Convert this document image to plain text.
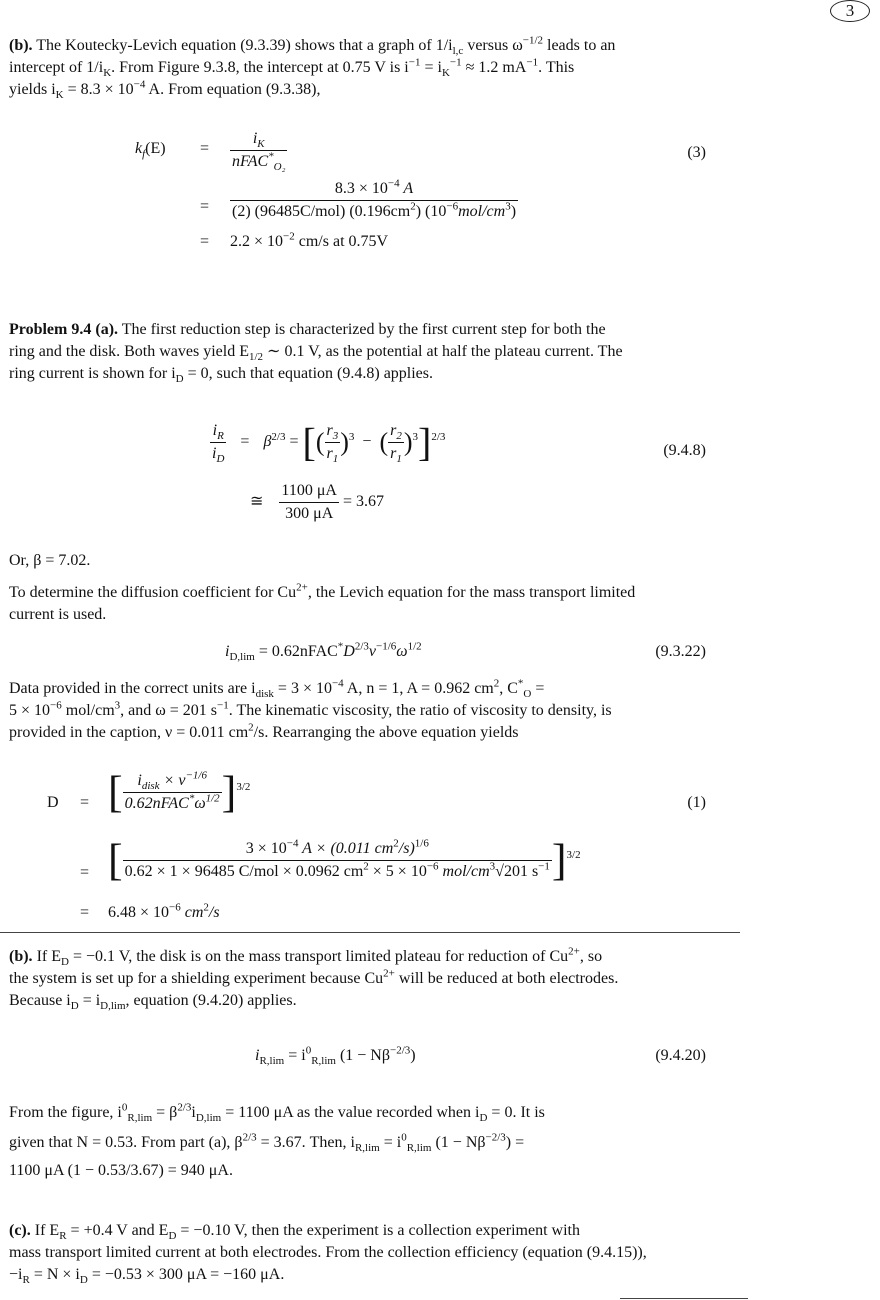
3
(b). The Koutecky-Levich equation (9.3.39) shows that a graph of $1/i_{l,c}$ versus $\omega^{-1/2}$ leads to an
intercept of $1/i_K$. From Figure 9.3.8, the intercept at 0.75 V is $i^{-1} = i_K^{-1} \approx 1.2$ $mA^{-1}$. This
yields $i_K = 8.3 \times 10^{-4}$ A. From equation (9.3.38),
$k_f(E) = \frac{i_K}{nFAC^*_{O_2}}$	(3)
= $\frac{8.3 \times 10^{-4} A}{(2) (96485C/mol) (0.196cm^2) (10^{-6}mol/cm^3)}$
= $2.2 \times 10^{-2}$ cm/s at 0.75V
Problem 9.4 (a). The first reduction step is characterized by the first current step for both the
ring and the disk. Both waves yield $E_{1/2}$ ∼ 0.1 V, as the potential at half the plateau current. The
ring current is shown for $i_D = 0$, such that equation (9.4.8) applies.
$\frac{i_R}{i_D} = \beta^{2/3}$ = [( $\frac{r_3}{r_1} )^3$ − ( $\frac{r_2}{r_1} )^3]^{2/3}$
(9.4.8)
≅ $\frac{1100 \mu A}{300 \mu A} = 3.67$
Or, β = 7.02.
To determine the diffusion coefficient for $Cu^{2+}$, the Levich equation for the mass transport limited
current is used.
$i_{D,lim}$ = $0.62nFAC^*D^{2/3}\nu^{-1/6}\omega^{1/2}$	(9.3.22)
Data provided in the correct units are $i_{disk} = 3 \times 10^{-4}$ A, n = 1, A = 0.962 $cm^2$, $C^*_O$ =
$5 \times 10^{-6}$ mol/$cm^3$, and ω = 201 $s^{-1}$. The kinematic viscosity, the ratio of viscosity to density, is
provided in the caption, ν = 0.011 $cm^2/s$. Rearranging the above equation yields
D = [ $\frac{i_{disk} \times \nu^{-1/6}}{0.62nFAC^*\omega^{1/2}} ]^{3/2}$
(1)
= [	$3 \times 10^{-4}$ A × (0.011 $cm^2/s)^{1/6}$
0.62 × 1 × 96485 C/mol × 0.0962 $cm^2 \times 5 \times 10^{-6}$ mol/$cm^3√201$ $s^{-1}$ ]$^{3/2}$
= $6.48 \times 10^{-6}$ $cm^2/s$
(b). If $E_D = -0.1$ V, the disk is on the mass transport limited plateau for reduction of $Cu^{2+}$, so
the system is set up for a shielding experiment because $Cu^{2+}$ will be reduced at both electrodes.
Because $i_D = i_{D,lim}$, equation (9.4.20) applies.
$i_{R,lim} = i^0_{R,lim}$ $(1 - N\beta^{-2/3})$	(9.4.20)
From the figure, $i^0_{R,lim} = \beta^{2/3}i_{D,lim} = 1100$ μA as the value recorded when $i_D = 0$. It is
given that N = 0.53. From part (a), $\beta^{2/3} = 3.67$. Then, $i_{R,lim} = i^0_{R,lim}$ $(1 - N\beta^{-2/3})$ =
1100 μA (1 − 0.53/3.67) = 940 μA.
(c). If $E_R = +0.4$ V and $E_D = -0.10$ V, then the experiment is a collection experiment with
mass transport limited current at both electrodes. From the collection efficiency (equation (9.4.15)),
$-i_R = N \times i_D = -0.53 \times 300$ μA = −160 μA.
